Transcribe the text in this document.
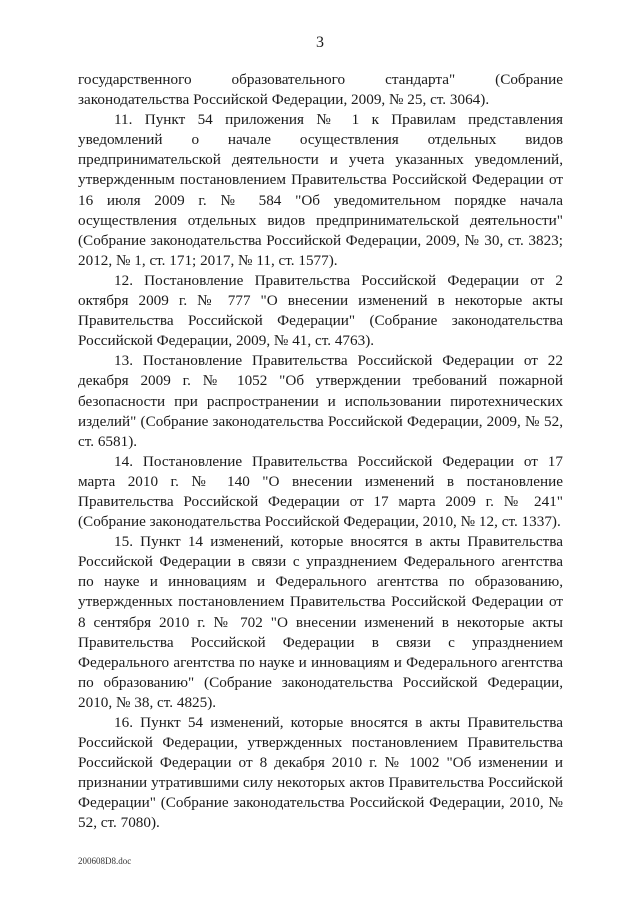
3

государственного образовательного стандарта" (Собрание законодательства Российской Федерации, 2009, № 25, ст. 3064).

11. Пункт 54 приложения № 1 к Правилам представления уведомлений о начале осуществления отдельных видов предпринимательской деятельности и учета указанных уведомлений, утвержденным постановлением Правительства Российской Федерации от 16 июля 2009 г. № 584 "Об уведомительном порядке начала осуществления отдельных видов предпринимательской деятельности" (Собрание законодательства Российской Федерации, 2009, № 30, ст. 3823; 2012, № 1, ст. 171; 2017, № 11, ст. 1577).

12. Постановление Правительства Российской Федерации от 2 октября 2009 г. № 777 "О внесении изменений в некоторые акты Правительства Российской Федерации" (Собрание законодательства Российской Федерации, 2009, № 41, ст. 4763).

13. Постановление Правительства Российской Федерации от 22 декабря 2009 г. № 1052 "Об утверждении требований пожарной безопасности при распространении и использовании пиротехнических изделий" (Собрание законодательства Российской Федерации, 2009, № 52, ст. 6581).

14. Постановление Правительства Российской Федерации от 17 марта 2010 г. № 140 "О внесении изменений в постановление Правительства Российской Федерации от 17 марта 2009 г. № 241" (Собрание законодательства Российской Федерации, 2010, № 12, ст. 1337).

15. Пункт 14 изменений, которые вносятся в акты Правительства Российской Федерации в связи с упразднением Федерального агентства по науке и инновациям и Федерального агентства по образованию, утвержденных постановлением Правительства Российской Федерации от 8 сентября 2010 г. № 702 "О внесении изменений в некоторые акты Правительства Российской Федерации в связи с упразднением Федерального агентства по науке и инновациям и Федерального агентства по образованию" (Собрание законодательства Российской Федерации, 2010, № 38, ст. 4825).

16. Пункт 54 изменений, которые вносятся в акты Правительства Российской Федерации, утвержденных постановлением Правительства Российской Федерации от 8 декабря 2010 г. № 1002 "Об изменении и признании утратившими силу некоторых актов Правительства Российской Федерации" (Собрание законодательства Российской Федерации, 2010, № 52, ст. 7080).

200608D8.doc
